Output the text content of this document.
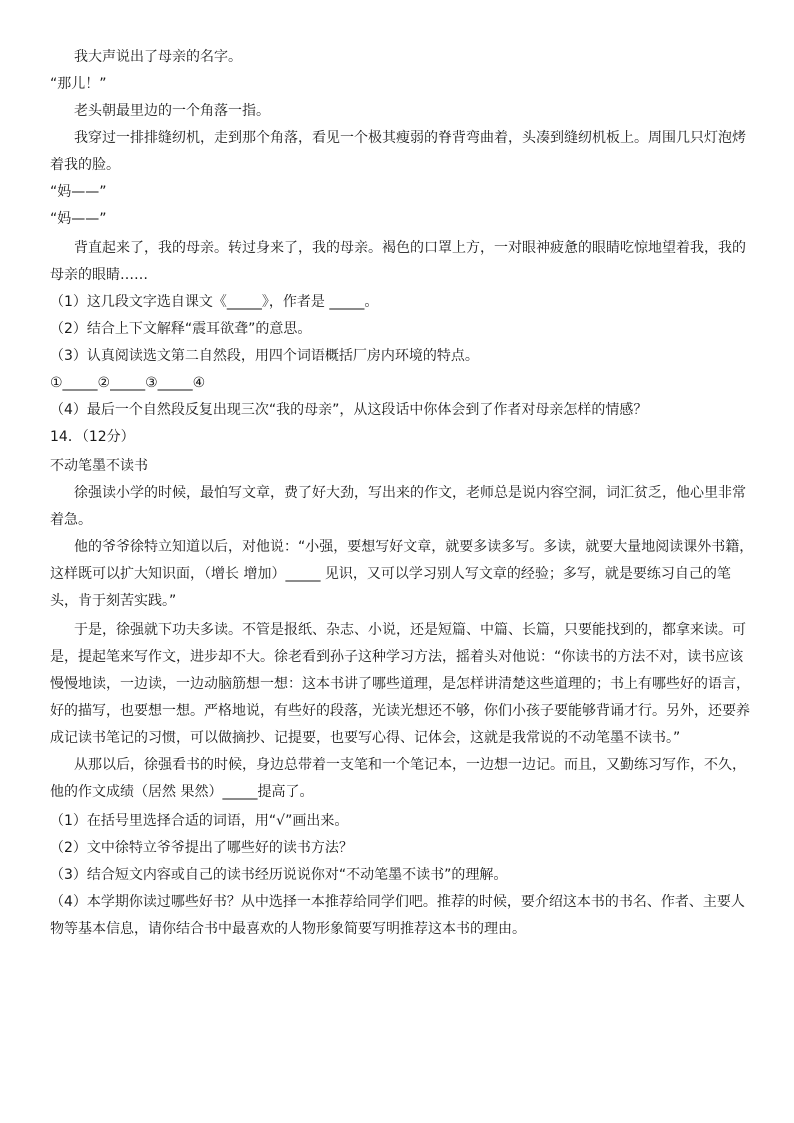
我大声说出了母亲的名字。
“那儿！”
老头朝最里边的一个角落一指。
我穿过一排排缝纫机，走到那个角落，看见一个极其瘦弱的脊背弯曲着，头凑到缝纫机板上。周围几只灯泡烤
着我的脸。
“妈——”
“妈——”
背直起来了，我的母亲。转过身来了，我的母亲。褐色的口罩上方，一对眼神疲惫的眼睛吃惊地望着我，我的
母亲的眼睛……
（1）这几段文字选自课文《_____》，作者是 _____。
（2）结合上下文解释“震耳欲聋”的意思。
（3）认真阅读选文第二自然段，用四个词语概括厂房内环境的特点。
①_____②_____③_____④
（4）最后一个自然段反复出现三次“我的母亲”，从这段话中你体会到了作者对母亲怎样的情感？
14．（12分）
不动笔墨不读书
徐强读小学的时候，最怕写文章，费了好大劲，写出来的作文，老师总是说内容空洞，词汇贫乏，他心里非常
着急。
他的爷爷徐特立知道以后，对他说：“小强，要想写好文章，就要多读多写。多读，就要大量地阅读课外书籍，
这样既可以扩大知识面，（增长 增加）_____ 见识，又可以学习别人写文章的经验；多写，就是要练习自己的笔
头，肯于刻苦实践。”
于是，徐强就下功夫多读。不管是报纸、杂志、小说，还是短篇、中篇、长篇，只要能找到的，都拿来读。可
是，提起笔来写作文，进步却不大。徐老看到孙子这种学习方法，摇着头对他说：“你读书的方法不对，读书应该
慢慢地读，一边读，一边动脑筋想一想：这本书讲了哪些道理，是怎样讲清楚这些道理的；书上有哪些好的语言，
好的描写，也要想一想。严格地说，有些好的段落，光读光想还不够，你们小孩子要能够背诵才行。另外，还要养
成记读书笔记的习惯，可以做摘抄、记提要，也要写心得、记体会，这就是我常说的不动笔墨不读书。”
从那以后，徐强看书的时候，身边总带着一支笔和一个笔记本，一边想一边记。而且，又勤练习写作，不久，
他的作文成绩（居然 果然）_____提高了。
（1）在括号里选择合适的词语，用“√”画出来。
（2）文中徐特立爷爷提出了哪些好的读书方法？
（3）结合短文内容或自己的读书经历说说你对“不动笔墨不读书”的理解。
（4）本学期你读过哪些好书？从中选择一本推荐给同学们吧。推荐的时候，要介绍这本书的书名、作者、主要人
物等基本信息，请你结合书中最喜欢的人物形象简要写明推荐这本书的理由。
